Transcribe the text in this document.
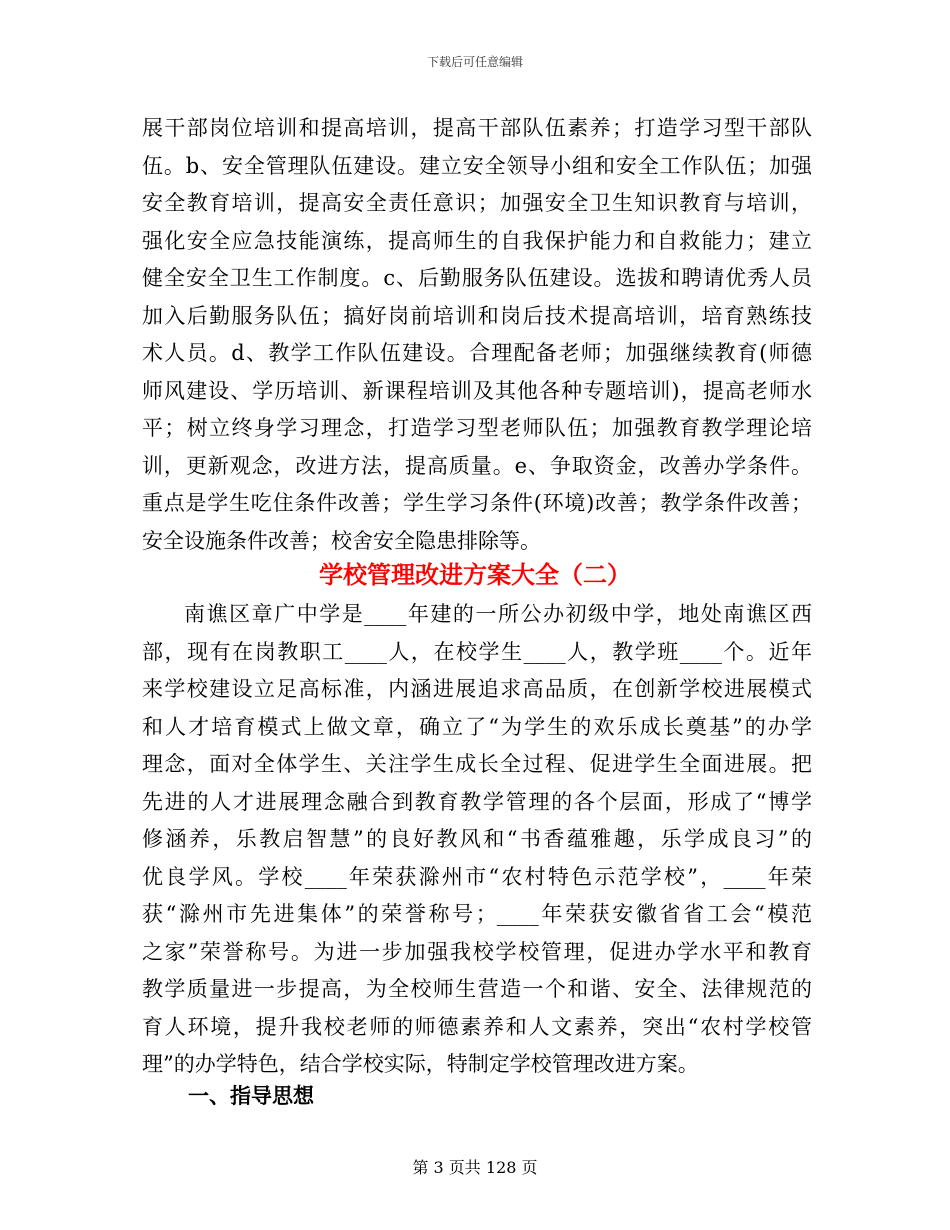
下载后可任意编辑
展干部岗位培训和提高培训，提高干部队伍素养；打造学习型干部队
伍。b、安全管理队伍建设。建立安全领导小组和安全工作队伍；加强
安全教育培训，提高安全责任意识；加强安全卫生知识教育与培训，
强化安全应急技能演练，提高师生的自我保护能力和自救能力；建立
健全安全卫生工作制度。c、后勤服务队伍建设。选拔和聘请优秀人员
加入后勤服务队伍；搞好岗前培训和岗后技术提高培训，培育熟练技
术人员。d、教学工作队伍建设。合理配备老师；加强继续教育(师德
师风建设、学历培训、新课程培训及其他各种专题培训)，提高老师水
平；树立终身学习理念，打造学习型老师队伍；加强教育教学理论培
训，更新观念，改进方法，提高质量。e、争取资金，改善办学条件。
重点是学生吃住条件改善；学生学习条件(环境)改善；教学条件改善；
安全设施条件改善；校舍安全隐患排除等。
学校管理改进方案大全（二）
南谯区章广中学是____年建的一所公办初级中学，地处南谯区西
部，现有在岗教职工____人，在校学生____人，教学班____个。近年
来学校建设立足高标准，内涵进展追求高品质，在创新学校进展模式
和人才培育模式上做文章，确立了“为学生的欢乐成长奠基”的办学
理念，面对全体学生、关注学生成长全过程、促进学生全面进展。把
先进的人才进展理念融合到教育教学管理的各个层面，形成了“博学
修涵养，乐教启智慧”的良好教风和“书香蕴雅趣，乐学成良习”的
优良学风。学校____年荣获滁州市“农村特色示范学校”，____年荣
获“滁州市先进集体”的荣誉称号；____年荣获安徽省省工会“模范
之家”荣誉称号。为进一步加强我校学校管理，促进办学水平和教育
教学质量进一步提高，为全校师生营造一个和谐、安全、法律规范的
育人环境，提升我校老师的师德素养和人文素养，突出“农村学校管
理”的办学特色，结合学校实际，特制定学校管理改进方案。
一、指导思想
第 3 页共 128 页
